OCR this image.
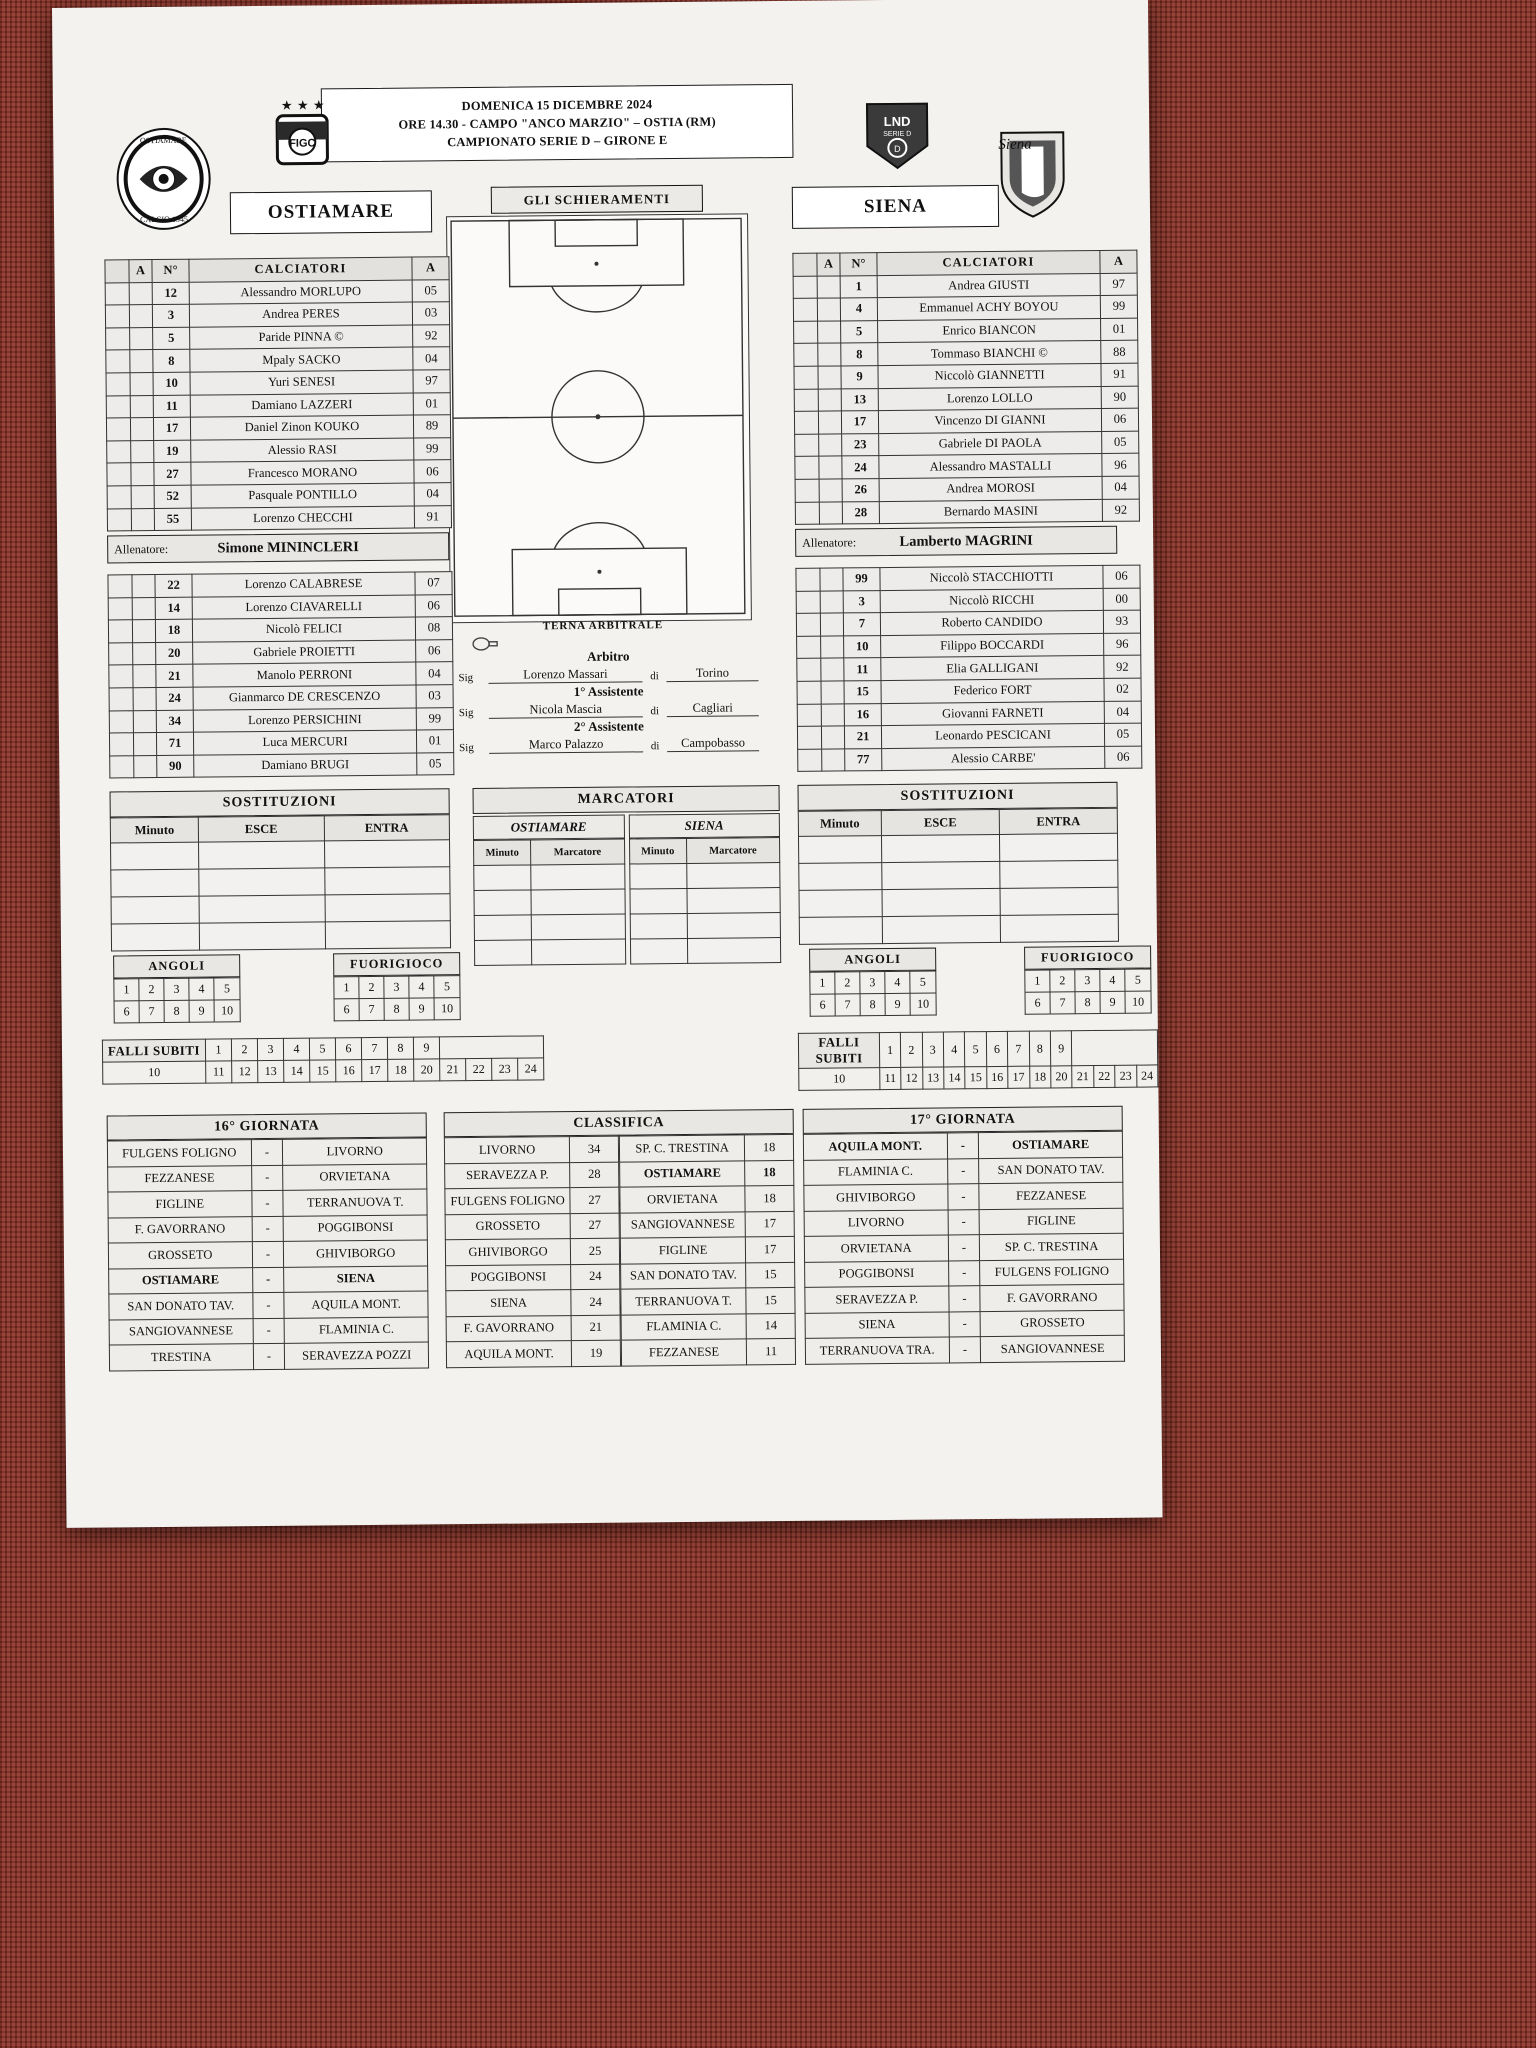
DOMENICA 15 DICEMBRE 2024
ORE 14.30 - CAMPO "ANCO MARZIO" – OSTIA (RM)
CAMPIONATO SERIE D – GIRONE E
OSTIAMARE
CALCIO 1945
★ ★ ★
FIGC
LND
SERIE D
D	Siena
OSTIAMARE	SIENA
GLI SCHIERAMENTI
	A	N°	CALCIATORI	A
		12	Alessandro MORLUPO	05
		3	Andrea PERES	03
		5	Paride PINNA ©	92
		8	Mpaly SACKO	04
		10	Yuri SENESI	97
		11	Damiano LAZZERI	01
		17	Daniel Zinon KOUKO	89
		19	Alessio RASI	99
		27	Francesco MORANO	06
		52	Pasquale PONTILLO	04
		55	Lorenzo CHECCHI	91
Allenatore:	Simone MININCLERI
		22	Lorenzo CALABRESE	07
		14	Lorenzo CIAVARELLI	06
		18	Nicolò FELICI	08
		20	Gabriele PROIETTI	06
		21	Manolo PERRONI	04
		24	Gianmarco DE CRESCENZO	03
		34	Lorenzo PERSICHINI	99
		71	Luca MERCURI	01
		90	Damiano BRUGI	05
	A	N°	CALCIATORI	A
		1	Andrea GIUSTI	97
		4	Emmanuel ACHY BOYOU	99
		5	Enrico BIANCON	01
		8	Tommaso BIANCHI ©	88
		9	Niccolò GIANNETTI	91
		13	Lorenzo LOLLO	90
		17	Vincenzo DI GIANNI	06
		23	Gabriele DI PAOLA	05
		24	Alessandro MASTALLI	96
		26	Andrea MOROSI	04
		28	Bernardo MASINI	92
Allenatore:	Lamberto MAGRINI
		99	Niccolò STACCHIOTTI	06
		3	Niccolò RICCHI	00
		7	Roberto CANDIDO	93
		10	Filippo BOCCARDI	96
		11	Elia GALLIGANI	92
		15	Federico FORT	02
		16	Giovanni FARNETI	04
		21	Leonardo PESCICANI	05
		77	Alessio CARBE'	06
TERNA ARBITRALE
Arbitro
Sig	Lorenzo Massari	di	Torino
1° Assistente
Sig	Nicola Mascia	di	Cagliari
2° Assistente
Sig	Marco Palazzo	di	Campobasso
SOSTITUZIONI
Minuto	ESCE	ENTRA

MARCATORI
OSTIAMARE
Minuto	Marcatore

SIENA
Minuto	Marcatore

SOSTITUZIONI
Minuto	ESCE	ENTRA

ANGOLI
1	2	3	4	5
6	7	8	9	10
FUORIGIOCO
1	2	3	4	5
6	7	8	9	10
FALLI SUBITI	1	2	3	4	5	6	7	8	9				
10	11	12	13	14	15	16	17	18	20	21	22	23	24
ANGOLI
1	2	3	4	5
6	7	8	9	10
FUORIGIOCO
1	2	3	4	5
6	7	8	9	10
FALLI SUBITI	1	2	3	4	5	6	7	8	9				
10	11	12	13	14	15	16	17	18	20	21	22	23	24
16° GIORNATA
FULGENS FOLIGNO	-	LIVORNO
FEZZANESE	-	ORVIETANA
FIGLINE	-	TERRANUOVA T.
F. GAVORRANO	-	POGGIBONSI
GROSSETO	-	GHIVIBORGO
OSTIAMARE	-	SIENA
SAN DONATO TAV.	-	AQUILA MONT.
SANGIOVANNESE	-	FLAMINIA C.
TRESTINA	-	SERAVEZZA POZZI
CLASSIFICA
LIVORNO	34
SERAVEZZA P.	28
FULGENS FOLIGNO	27
GROSSETO	27
GHIVIBORGO	25
POGGIBONSI	24
SIENA	24
F. GAVORRANO	21
AQUILA MONT.	19
SP. C. TRESTINA	18
OSTIAMARE	18
ORVIETANA	18
SANGIOVANNESE	17
FIGLINE	17
SAN DONATO TAV.	15
TERRANUOVA T.	15
FLAMINIA C.	14
FEZZANESE	11
17° GIORNATA
AQUILA MONT.	-	OSTIAMARE
FLAMINIA C.	-	SAN DONATO TAV.
GHIVIBORGO	-	FEZZANESE
LIVORNO	-	FIGLINE
ORVIETANA	-	SP. C. TRESTINA
POGGIBONSI	-	FULGENS FOLIGNO
SERAVEZZA P.	-	F. GAVORRANO
SIENA	-	GROSSETO
TERRANUOVA TRA.	-	SANGIOVANNESE
